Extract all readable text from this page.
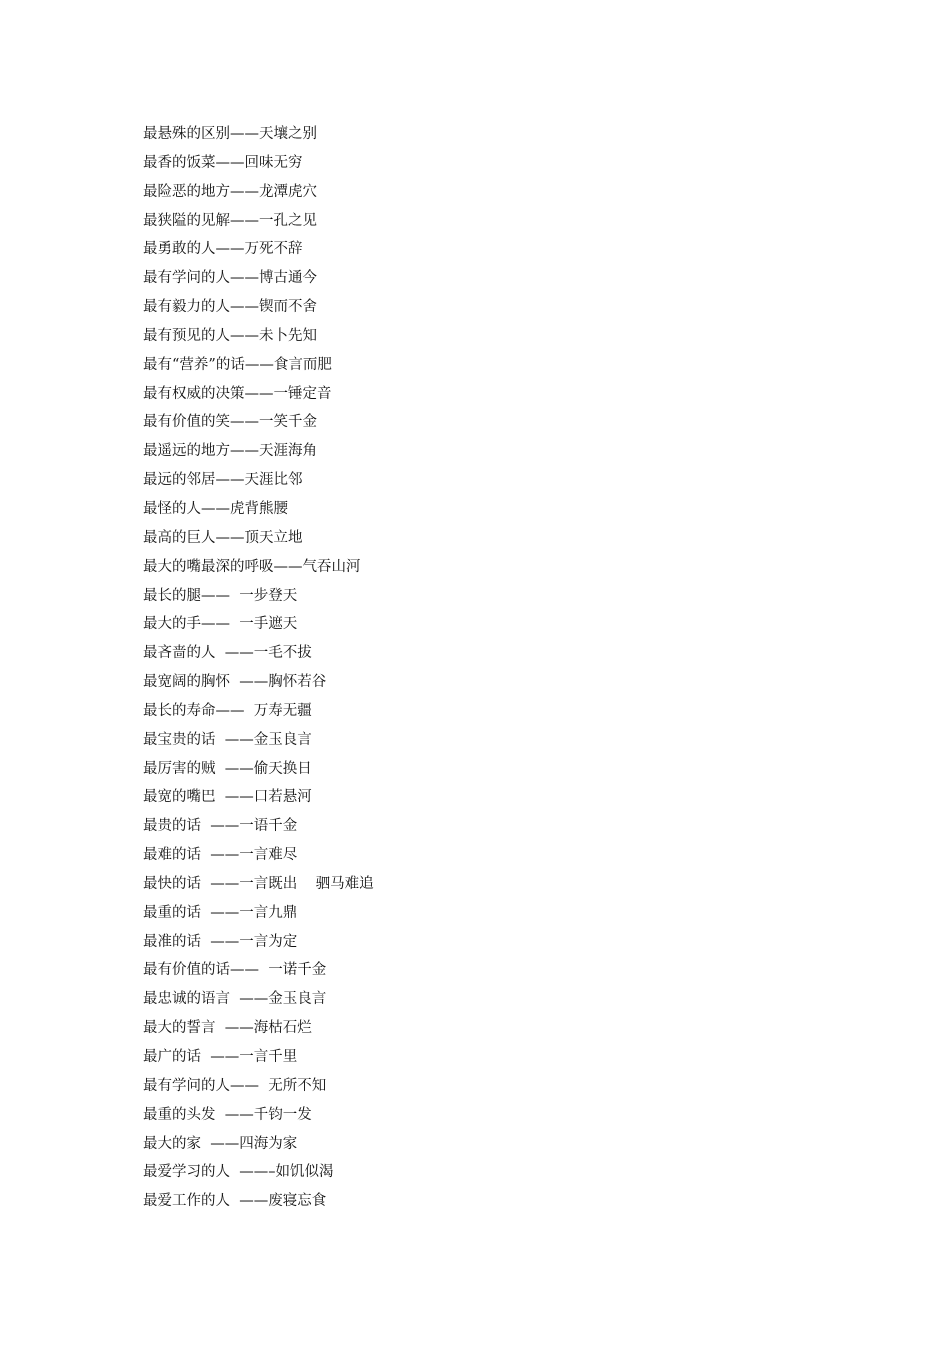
最悬殊的区别——天壤之别
最香的饭菜——回味无穷
最险恶的地方——龙潭虎穴
最狭隘的见解——一孔之见
最勇敢的人——万死不辞
最有学问的人——博古通今
最有毅力的人——锲而不舍
最有预见的人——未卜先知
最有“营养”的话——食言而肥
最有权威的决策——一锤定音
最有价值的笑——一笑千金
最遥远的地方——天涯海角
最远的邻居——天涯比邻
最怪的人——虎背熊腰
最高的巨人——顶天立地
最大的嘴最深的呼吸——气吞山河
最长的腿——  一步登天
最大的手——  一手遮天
最吝啬的人  ——一毛不拔
最宽阔的胸怀  ——胸怀若谷
最长的寿命——  万寿无疆
最宝贵的话  ——金玉良言
最厉害的贼  ——偷天换日
最宽的嘴巴  ——口若悬河
最贵的话  ——一语千金
最难的话  ——一言难尽
最快的话  ——一言既出    驷马难追
最重的话  ——一言九鼎
最准的话  ——一言为定
最有价值的话——  一诺千金
最忠诚的语言  ——金玉良言
最大的誓言  ——海枯石烂
最广的话  ——一言千里
最有学问的人——  无所不知
最重的头发  ——千钧一发
最大的家  ——四海为家
最爱学习的人  ——–如饥似渴
最爱工作的人  ——废寝忘食
